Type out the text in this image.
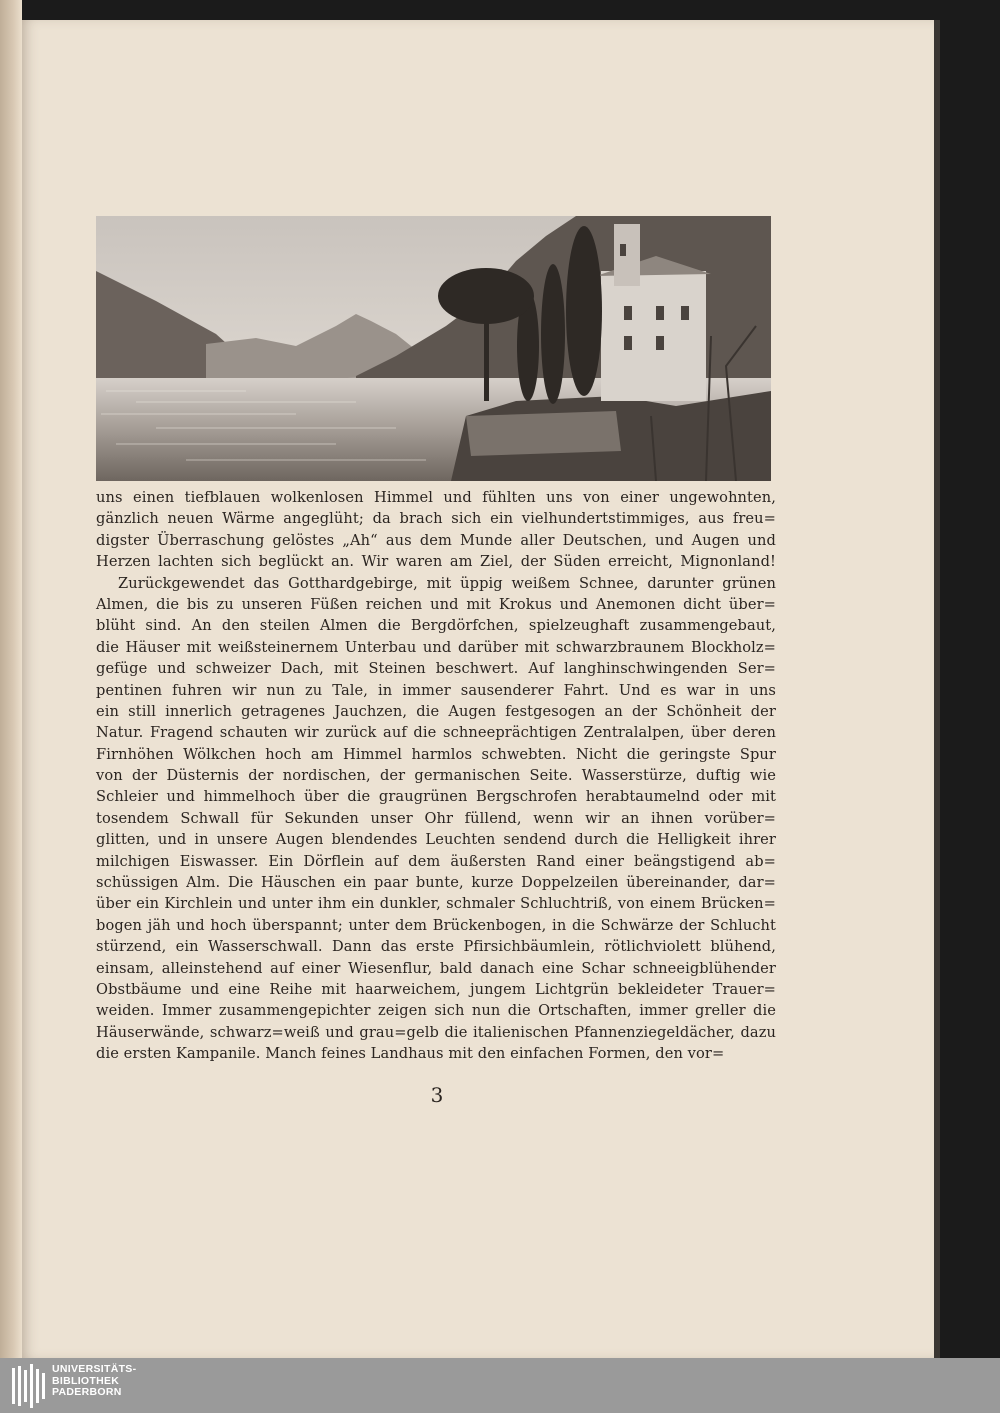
uns einen tiefblauen wolkenlosen Himmel und fühlten uns von einer ungewohnten,
gänzlich neuen Wärme angeglüht; da brach sich ein vielhundertstimmiges, aus freu=
digster Überraschung gelöstes „Ah“ aus dem Munde aller Deutschen, und Augen und
Herzen lachten sich beglückt an. Wir waren am Ziel, der Süden erreicht, Mignonland!
Zurückgewendet das Gotthardgebirge, mit üppig weißem Schnee, darunter grünen
Almen, die bis zu unseren Füßen reichen und mit Krokus und Anemonen dicht über=
blüht sind. An den steilen Almen die Bergdörfchen, spielzeughaft zusammengebaut,
die Häuser mit weißsteinernem Unterbau und darüber mit schwarzbraunem Blockholz=
gefüge und schweizer Dach, mit Steinen beschwert. Auf langhinschwingenden Ser=
pentinen fuhren wir nun zu Tale, in immer sausenderer Fahrt. Und es war in uns
ein still innerlich getragenes Jauchzen, die Augen festgesogen an der Schönheit der
Natur. Fragend schauten wir zurück auf die schneeprächtigen Zentralalpen, über deren
Firnhöhen Wölkchen hoch am Himmel harmlos schwebten. Nicht die geringste Spur
von der Düsternis der nordischen, der germanischen Seite. Wasserstürze, duftig wie
Schleier und himmelhoch über die graugrünen Bergschrofen herabtaumelnd oder mit
tosendem Schwall für Sekunden unser Ohr füllend, wenn wir an ihnen vorüber=
glitten, und in unsere Augen blendendes Leuchten sendend durch die Helligkeit ihrer
milchigen Eiswasser. Ein Dörflein auf dem äußersten Rand einer beängstigend ab=
schüssigen Alm. Die Häuschen ein paar bunte, kurze Doppelzeilen übereinander, dar=
über ein Kirchlein und unter ihm ein dunkler, schmaler Schluchtriß, von einem Brücken=
bogen jäh und hoch überspannt; unter dem Brückenbogen, in die Schwärze der Schlucht
stürzend, ein Wasserschwall. Dann das erste Pfirsichbäumlein, rötlichviolett blühend,
einsam, alleinstehend auf einer Wiesenflur, bald danach eine Schar schneeigblühender
Obstbäume und eine Reihe mit haarweichem, jungem Lichtgrün bekleideter Trauer=
weiden. Immer zusammengepichter zeigen sich nun die Ortschaften, immer greller die
Häuserwände, schwarz=weiß und grau=gelb die italienischen Pfannenziegeldächer, dazu
die ersten Kampanile. Manch feines Landhaus mit den einfachen Formen, den vor=
3
UNIVERSITÄTS-
BIBLIOTHEK
PADERBORN
